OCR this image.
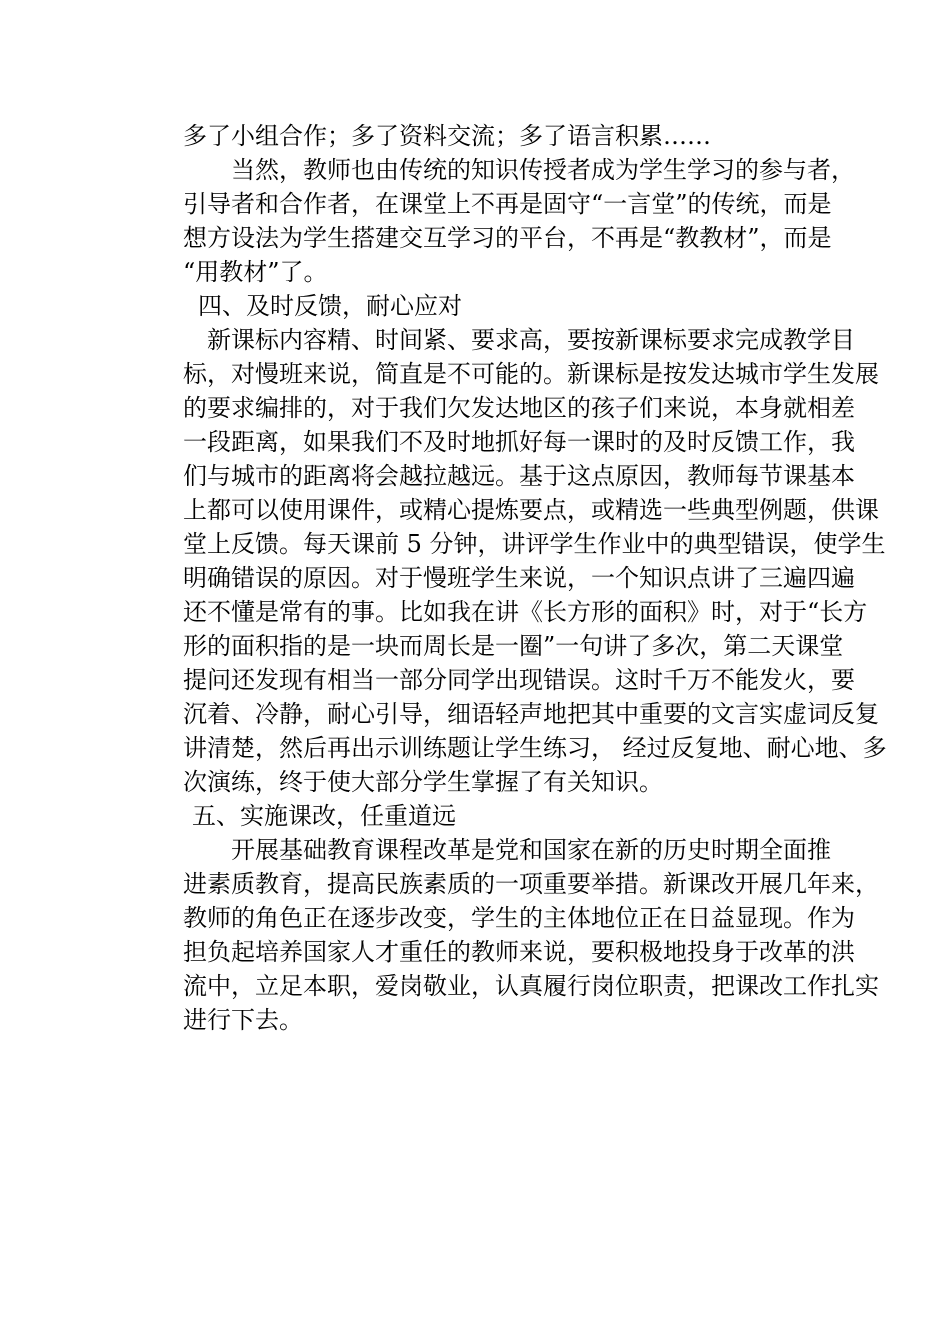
多了小组合作；多了资料交流；多了语言积累……
　　当然，教师也由传统的知识传授者成为学生学习的参与者，
引导者和合作者，在课堂上不再是固守“一言堂”的传统，而是
想方设法为学生搭建交互学习的平台，不再是“教教材”，而是
“用教材”了。
四、及时反馈，耐心应对
　新课标内容精、时间紧、要求高，要按新课标要求完成教学目
标，对慢班来说，简直是不可能的。新课标是按发达城市学生发展
的要求编排的，对于我们欠发达地区的孩子们来说，本身就相差
一段距离，如果我们不及时地抓好每一课时的及时反馈工作，我
们与城市的距离将会越拉越远。基于这点原因，教师每节课基本
上都可以使用课件，或精心提炼要点，或精选一些典型例题，供课
堂上反馈。每天课前 5 分钟，讲评学生作业中的典型错误，使学生
明确错误的原因。对于慢班学生来说，一个知识点讲了三遍四遍
还不懂是常有的事。比如我在讲《长方形的面积》时，对于“长方
形的面积指的是一块而周长是一圈”一句讲了多次，第二天课堂
提问还发现有相当一部分同学出现错误。这时千万不能发火，要
沉着、冷静，耐心引导，细语轻声地把其中重要的文言实虚词反复
讲清楚，然后再出示训练题让学生练习， 经过反复地、耐心地、多
次演练，终于使大部分学生掌握了有关知识。
五、实施课改，任重道远
　　开展基础教育课程改革是党和国家在新的历史时期全面推
进素质教育，提高民族素质的一项重要举措。新课改开展几年来，
教师的角色正在逐步改变，学生的主体地位正在日益显现。作为
担负起培养国家人才重任的教师来说，要积极地投身于改革的洪
流中，立足本职，爱岗敬业，认真履行岗位职责，把课改工作扎实
进行下去。
